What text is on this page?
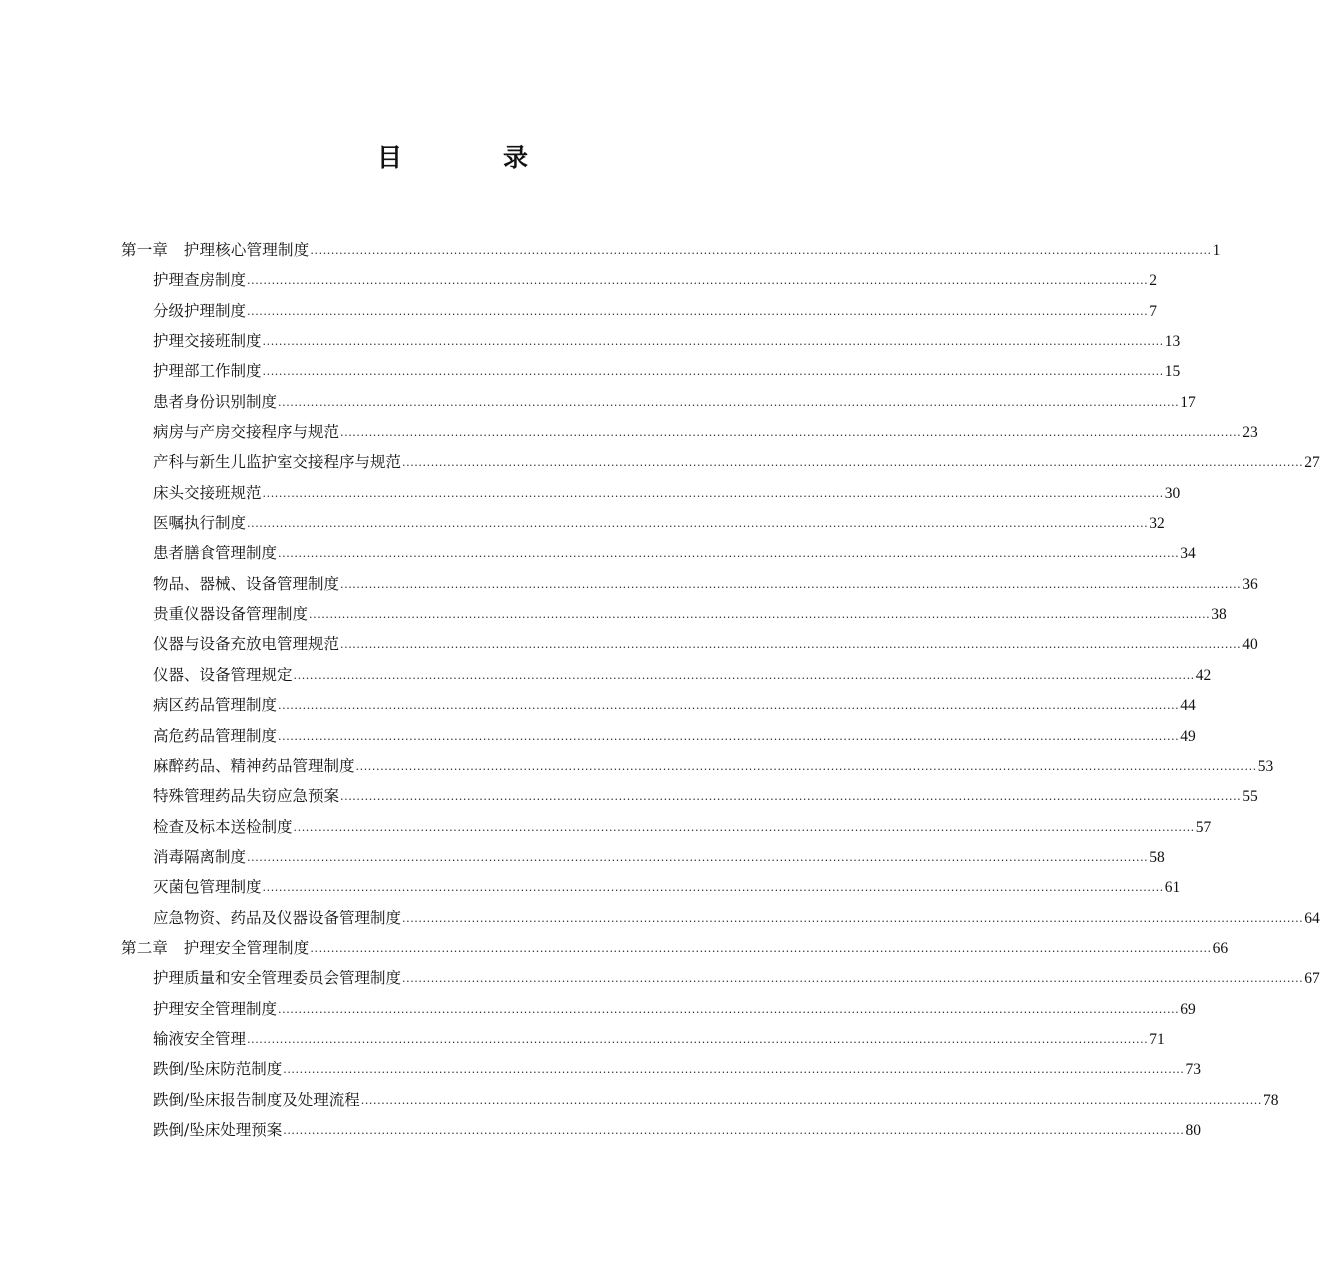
目　录
第一章　护理核心管理制度 ............................................................................................................................................................................................................................ 1
护理查房制度 ............................................................................................................................................................................................................................ 2
分级护理制度 ............................................................................................................................................................................................................................ 7
护理交接班制度 ............................................................................................................................................................................................................................ 13
护理部工作制度 ............................................................................................................................................................................................................................ 15
患者身份识别制度 ............................................................................................................................................................................................................................ 17
病房与产房交接程序与规范 ............................................................................................................................................................................................................................ 23
产科与新生儿监护室交接程序与规范 ............................................................................................................................................................................................................................ 27
床头交接班规范 ............................................................................................................................................................................................................................ 30
医嘱执行制度 ............................................................................................................................................................................................................................ 32
患者膳食管理制度 ............................................................................................................................................................................................................................ 34
物品、器械、设备管理制度 ............................................................................................................................................................................................................................ 36
贵重仪器设备管理制度 ............................................................................................................................................................................................................................ 38
仪器与设备充放电管理规范 ............................................................................................................................................................................................................................ 40
仪器、设备管理规定 ............................................................................................................................................................................................................................ 42
病区药品管理制度 ............................................................................................................................................................................................................................ 44
高危药品管理制度 ............................................................................................................................................................................................................................ 49
麻醉药品、精神药品管理制度 ............................................................................................................................................................................................................................ 53
特殊管理药品失窃应急预案 ............................................................................................................................................................................................................................ 55
检查及标本送检制度 ............................................................................................................................................................................................................................ 57
消毒隔离制度 ............................................................................................................................................................................................................................ 58
灭菌包管理制度 ............................................................................................................................................................................................................................ 61
应急物资、药品及仪器设备管理制度 ............................................................................................................................................................................................................................ 64
第二章　护理安全管理制度 ............................................................................................................................................................................................................................ 66
护理质量和安全管理委员会管理制度 ............................................................................................................................................................................................................................ 67
护理安全管理制度 ............................................................................................................................................................................................................................ 69
输液安全管理 ............................................................................................................................................................................................................................ 71
跌倒/坠床防范制度 ............................................................................................................................................................................................................................ 73
跌倒/坠床报告制度及处理流程 ............................................................................................................................................................................................................................ 78
跌倒/坠床处理预案 ............................................................................................................................................................................................................................ 80
